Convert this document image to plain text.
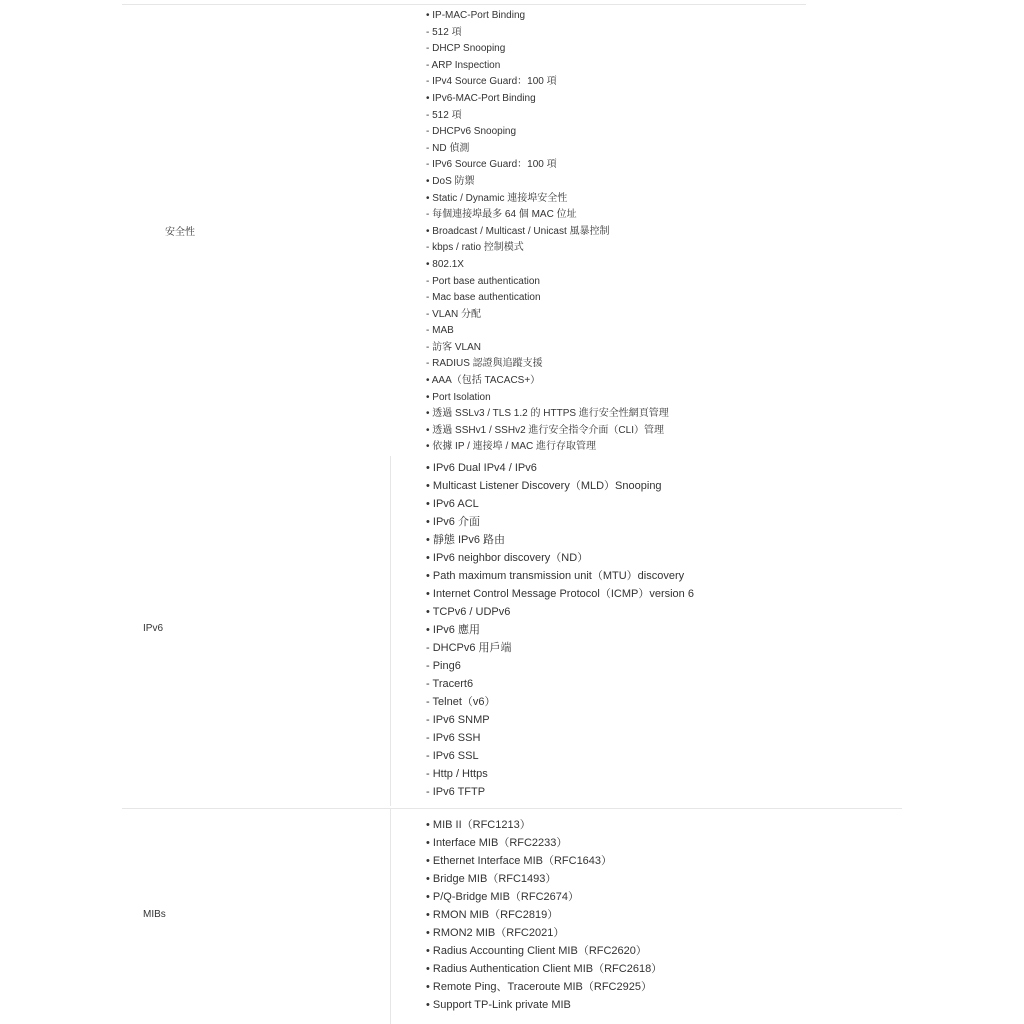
安全性
• IP-MAC-Port Binding
- 512 項
- DHCP Snooping
- ARP Inspection
- IPv4 Source Guard：100 項
• IPv6-MAC-Port Binding
- 512 項
- DHCPv6 Snooping
- ND 偵測
- IPv6 Source Guard：100 項
• DoS 防禦
• Static / Dynamic 連接埠安全性
- 每個連接埠最多 64 個 MAC 位址
• Broadcast / Multicast / Unicast 風暴控制
- kbps / ratio 控制模式
• 802.1X
- Port base authentication
- Mac base authentication
- VLAN 分配
- MAB
- 訪客 VLAN
- RADIUS 認證與追蹤支援
• AAA（包括 TACACS+）
• Port Isolation
• 透過 SSLv3 / TLS 1.2 的 HTTPS 進行安全性網頁管理
• 透過 SSHv1 / SSHv2 進行安全指令介面（CLI）管理
• 依據 IP / 連接埠 / MAC 進行存取管理
IPv6
• IPv6 Dual IPv4 / IPv6
• Multicast Listener Discovery（MLD）Snooping
• IPv6 ACL
• IPv6 介面
• 靜態 IPv6 路由
• IPv6 neighbor discovery（ND）
• Path maximum transmission unit（MTU）discovery
• Internet Control Message Protocol（ICMP）version 6
• TCPv6 / UDPv6
• IPv6 應用
- DHCPv6 用戶端
- Ping6
- Tracert6
- Telnet（v6）
- IPv6 SNMP
- IPv6 SSH
- IPv6 SSL
- Http / Https
- IPv6 TFTP
MIBs
• MIB II（RFC1213）
• Interface MIB（RFC2233）
• Ethernet Interface MIB（RFC1643）
• Bridge MIB（RFC1493）
• P/Q-Bridge MIB（RFC2674）
• RMON MIB（RFC2819）
• RMON2 MIB（RFC2021）
• Radius Accounting Client MIB（RFC2620）
• Radius Authentication Client MIB（RFC2618）
• Remote Ping、Traceroute MIB（RFC2925）
• Support TP-Link private MIB
